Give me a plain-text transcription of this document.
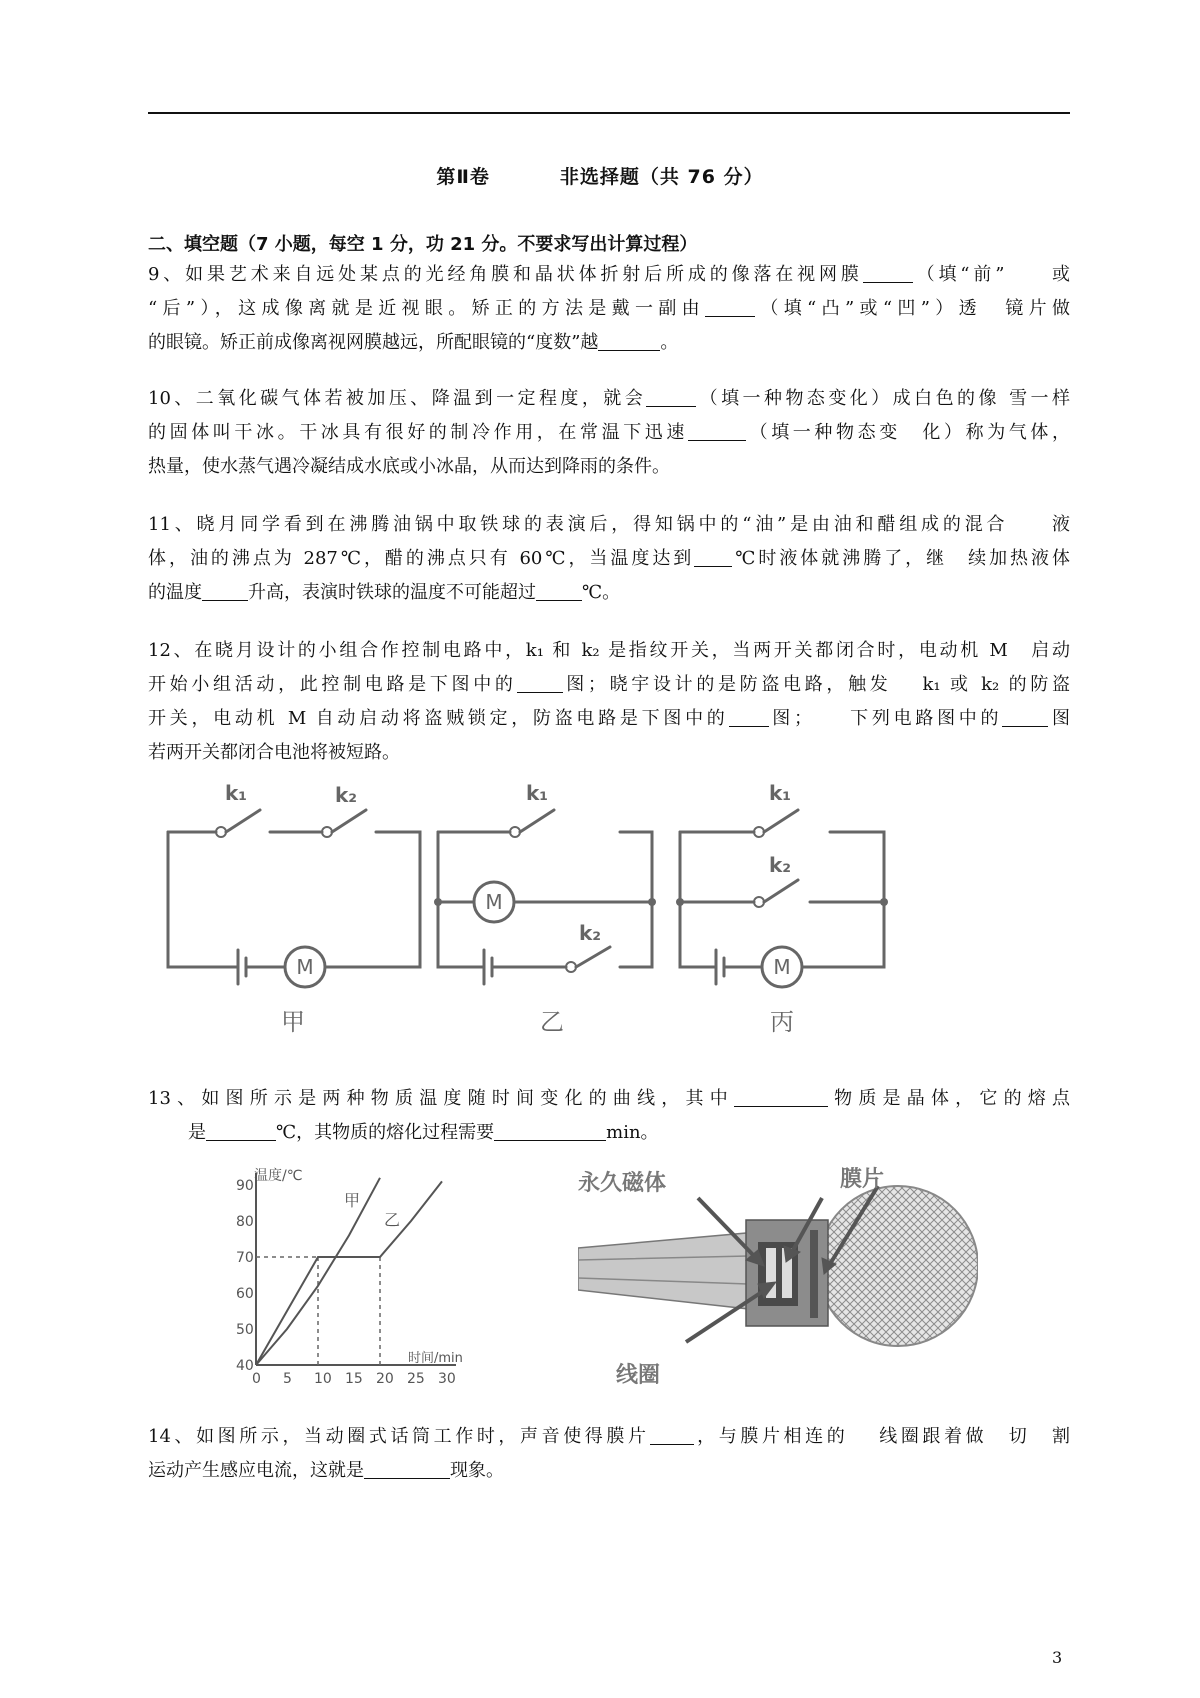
第Ⅱ卷	非选择题（共 76 分）
二、填空题（7 小题，每空 1 分，功 21 分。不要求写出计算过程）
9、如果艺术来自远处某点的光经角膜和晶状体折射后所成的像落在视网膜	（填“前”　　或
“后”），这成像离就是近视眼。矫正的方法是戴一副由	（填“凸”或“凹”）透　镜片做
的眼镜。矫正前成像离视网膜越远，所配眼镜的“度数”越	。
10、二氧化碳气体若被加压、降温到一定程度，就会	（填一种物态变化）成白色的像 雪一样
的固体叫干冰。干冰具有很好的制冷作用，在常温下迅速	（填一种物态变　化）称为气体，
热量，使水蒸气遇冷凝结成水底或小冰晶，从而达到降雨的条件。
11、晓月同学看到在沸腾油锅中取铁球的表演后，得知锅中的“油”是由油和醋组成的混合　　液
体，油的沸点为 287℃，醋的沸点只有 60℃，当温度达到 ℃时液体就沸腾了，继　续加热液体
的温度	升高，表演时铁球的温度不可能超过	℃。
12、在晓月设计的小组合作控制电路中，k₁ 和 k₂ 是指纹开关，当两开关都闭合时，电动机 M　启动
开始小组活动，此控制电路是下图中的	图；晓宇设计的是防盗电路，触发　 k₁ 或 k₂ 的防盗
开关，电动机 M 自动启动将盗贼锁定，防盗电路是下图中的 图；　　下列电路图中的	图
若两开关都闭合电池将被短路。
k₁	k₂	k₁
k₂
k₁
k₂
M
M
M
甲	乙	丙
13、如图所示是两种物质温度随时间变化的曲线，其中	物质是晶体，它的熔点
是	℃，其物质的熔化过程需要	min。
甲
乙
40
50
60
70
80
90
0 5 10 15 20 25 30
温度/℃
时间/min
膜片
永久磁体
线圈
14、如图所示，当动圈式话筒工作时，声音使得膜片 ，与膜片相连的　 线圈跟着做　切　割
运动产生感应电流，这就是	现象。
3
